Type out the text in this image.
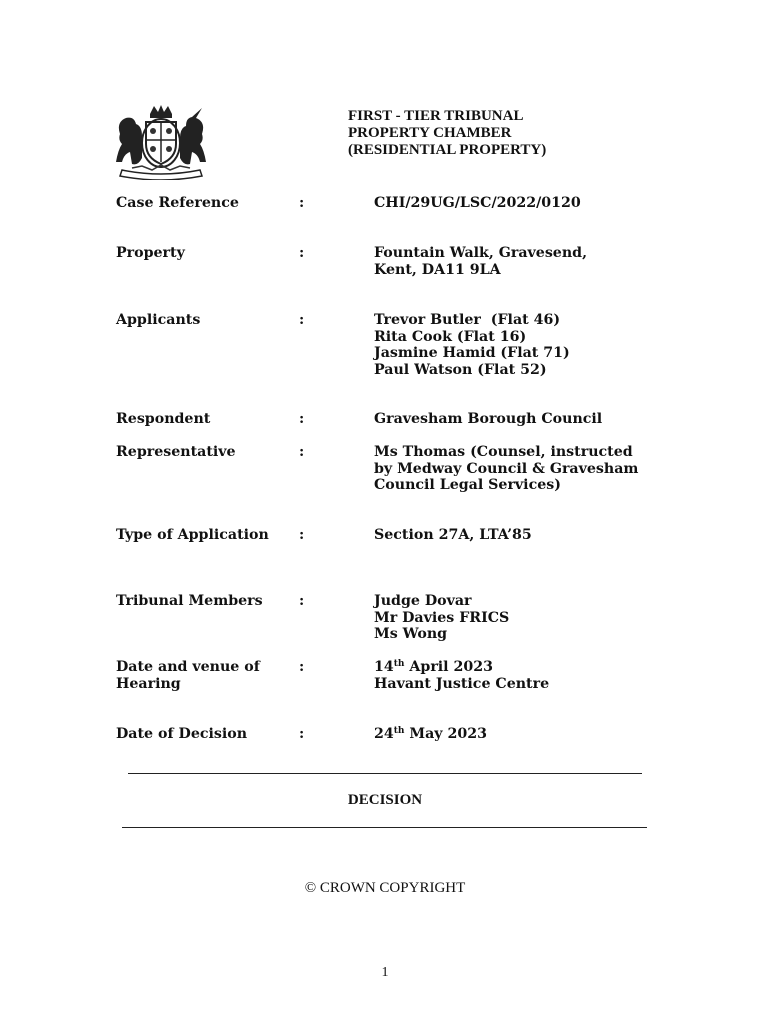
FIRST - TIER TRIBUNAL
PROPERTY CHAMBER
(RESIDENTIAL PROPERTY)
Case Reference	:	CHI/29UG/LSC/2022/0120
Property	:	Fountain Walk, Gravesend,
Kent, DA11 9LA
Applicants	:	Trevor Butler  (Flat 46)
Rita Cook (Flat 16)
Jasmine Hamid (Flat 71)
Paul Watson (Flat 52)
Respondent	:	Gravesham Borough Council
Representative	:	Ms Thomas (Counsel, instructed
by Medway Council & Gravesham
Council Legal Services)
Type of Application	:	Section 27A, LTA’85
Tribunal Members	:	Judge Dovar
Mr Davies FRICS
Ms Wong
Date and venue of
Hearing
:	14th April 2023
Havant Justice Centre
Date of Decision	:	24th May 2023
DECISION
© CROWN COPYRIGHT
1
